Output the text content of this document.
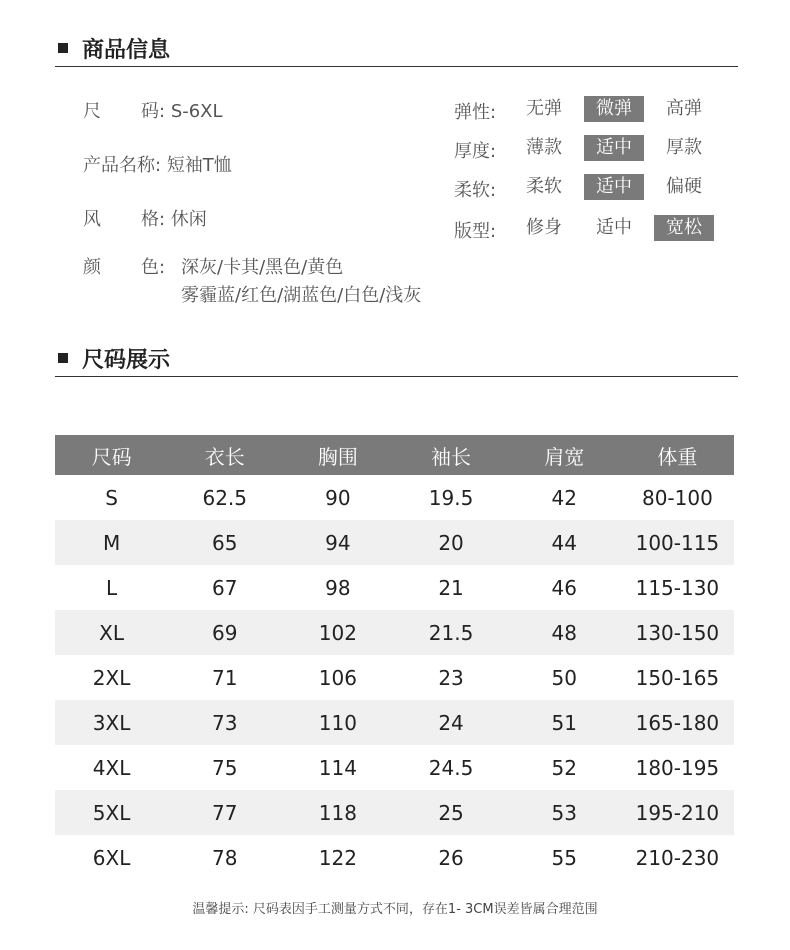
商品信息
尺 码: S-6XL
产品名称: 短袖T恤
风 格: 休闲
颜 色: 深灰/卡其/黑色/黄色
雾霾蓝/红色/湖蓝色/白色/浅灰
弹性:	无弹	微弹	高弹
厚度:	薄款	适中	厚款
柔软:	柔软	适中	偏硬
版型:	修身	适中	宽松
尺码展示
尺码	衣长	胸围	袖长	肩宽	体重
S	62.5	90	19.5	42	80-100
M	65	94	20	44	100-115
L	67	98	21	46	115-130
XL	69	102	21.5	48	130-150
2XL	71	106	23	50	150-165
3XL	73	110	24	51	165-180
4XL	75	114	24.5	52	180-195
5XL	77	118	25	53	195-210
6XL	78	122	26	55	210-230
温馨提示: 尺码表因手工测量方式不同，存在1- 3CM误差皆属合理范围
